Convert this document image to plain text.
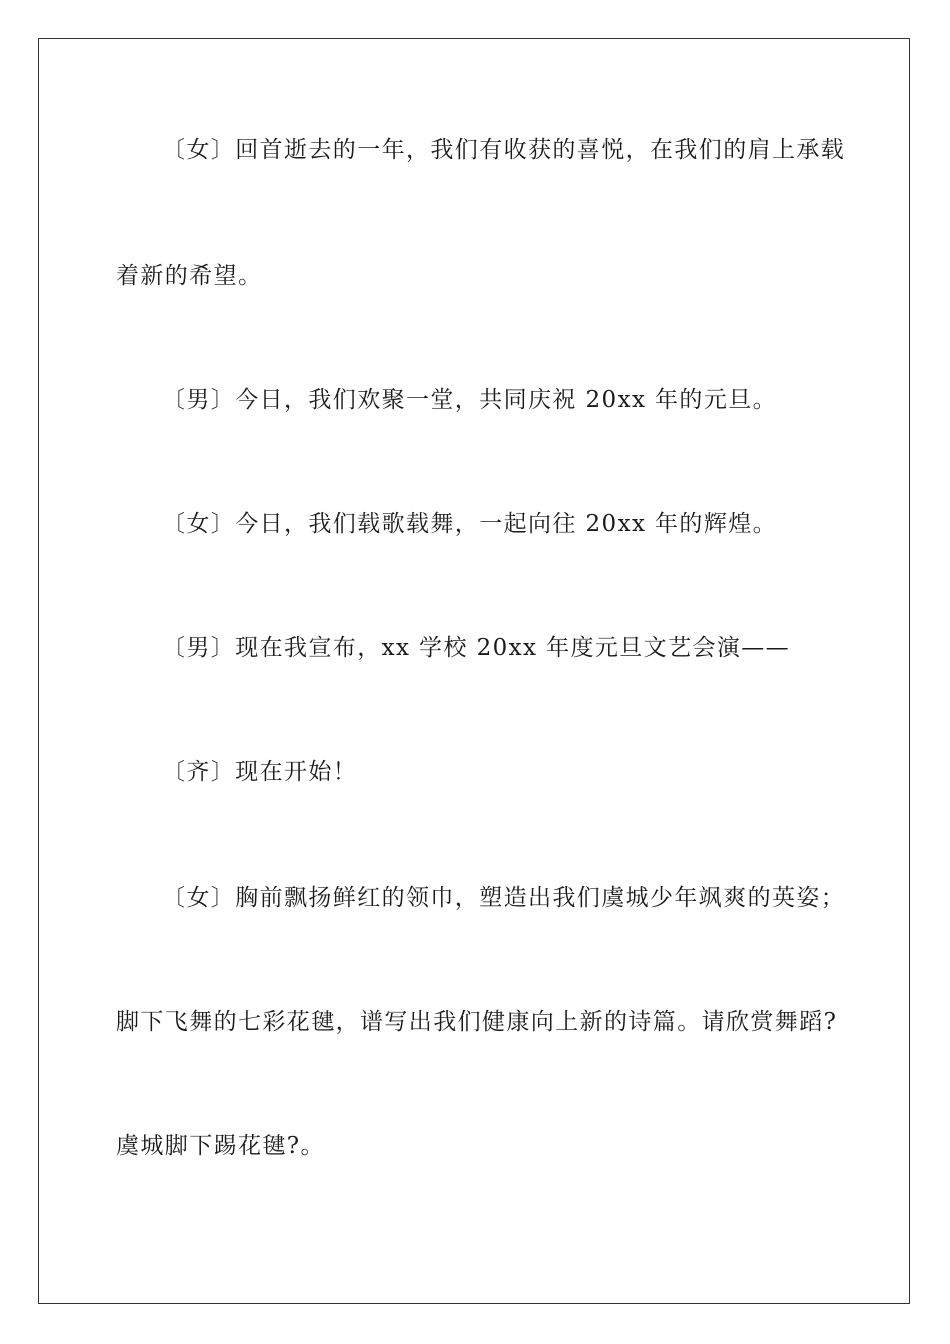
〔女〕回首逝去的一年，我们有收获的喜悦，在我们的肩上承载
着新的希望。
〔男〕今日，我们欢聚一堂，共同庆祝 20xx 年的元旦。
〔女〕今日，我们载歌载舞，一起向往 20xx 年的辉煌。
〔男〕现在我宣布，xx 学校 20xx 年度元旦文艺会演——
〔齐〕现在开始！
〔女〕胸前飘扬鲜红的领巾，塑造出我们虞城少年飒爽的英姿；
脚下飞舞的七彩花毽，谱写出我们健康向上新的诗篇。请欣赏舞蹈?
虞城脚下踢花毽?。
